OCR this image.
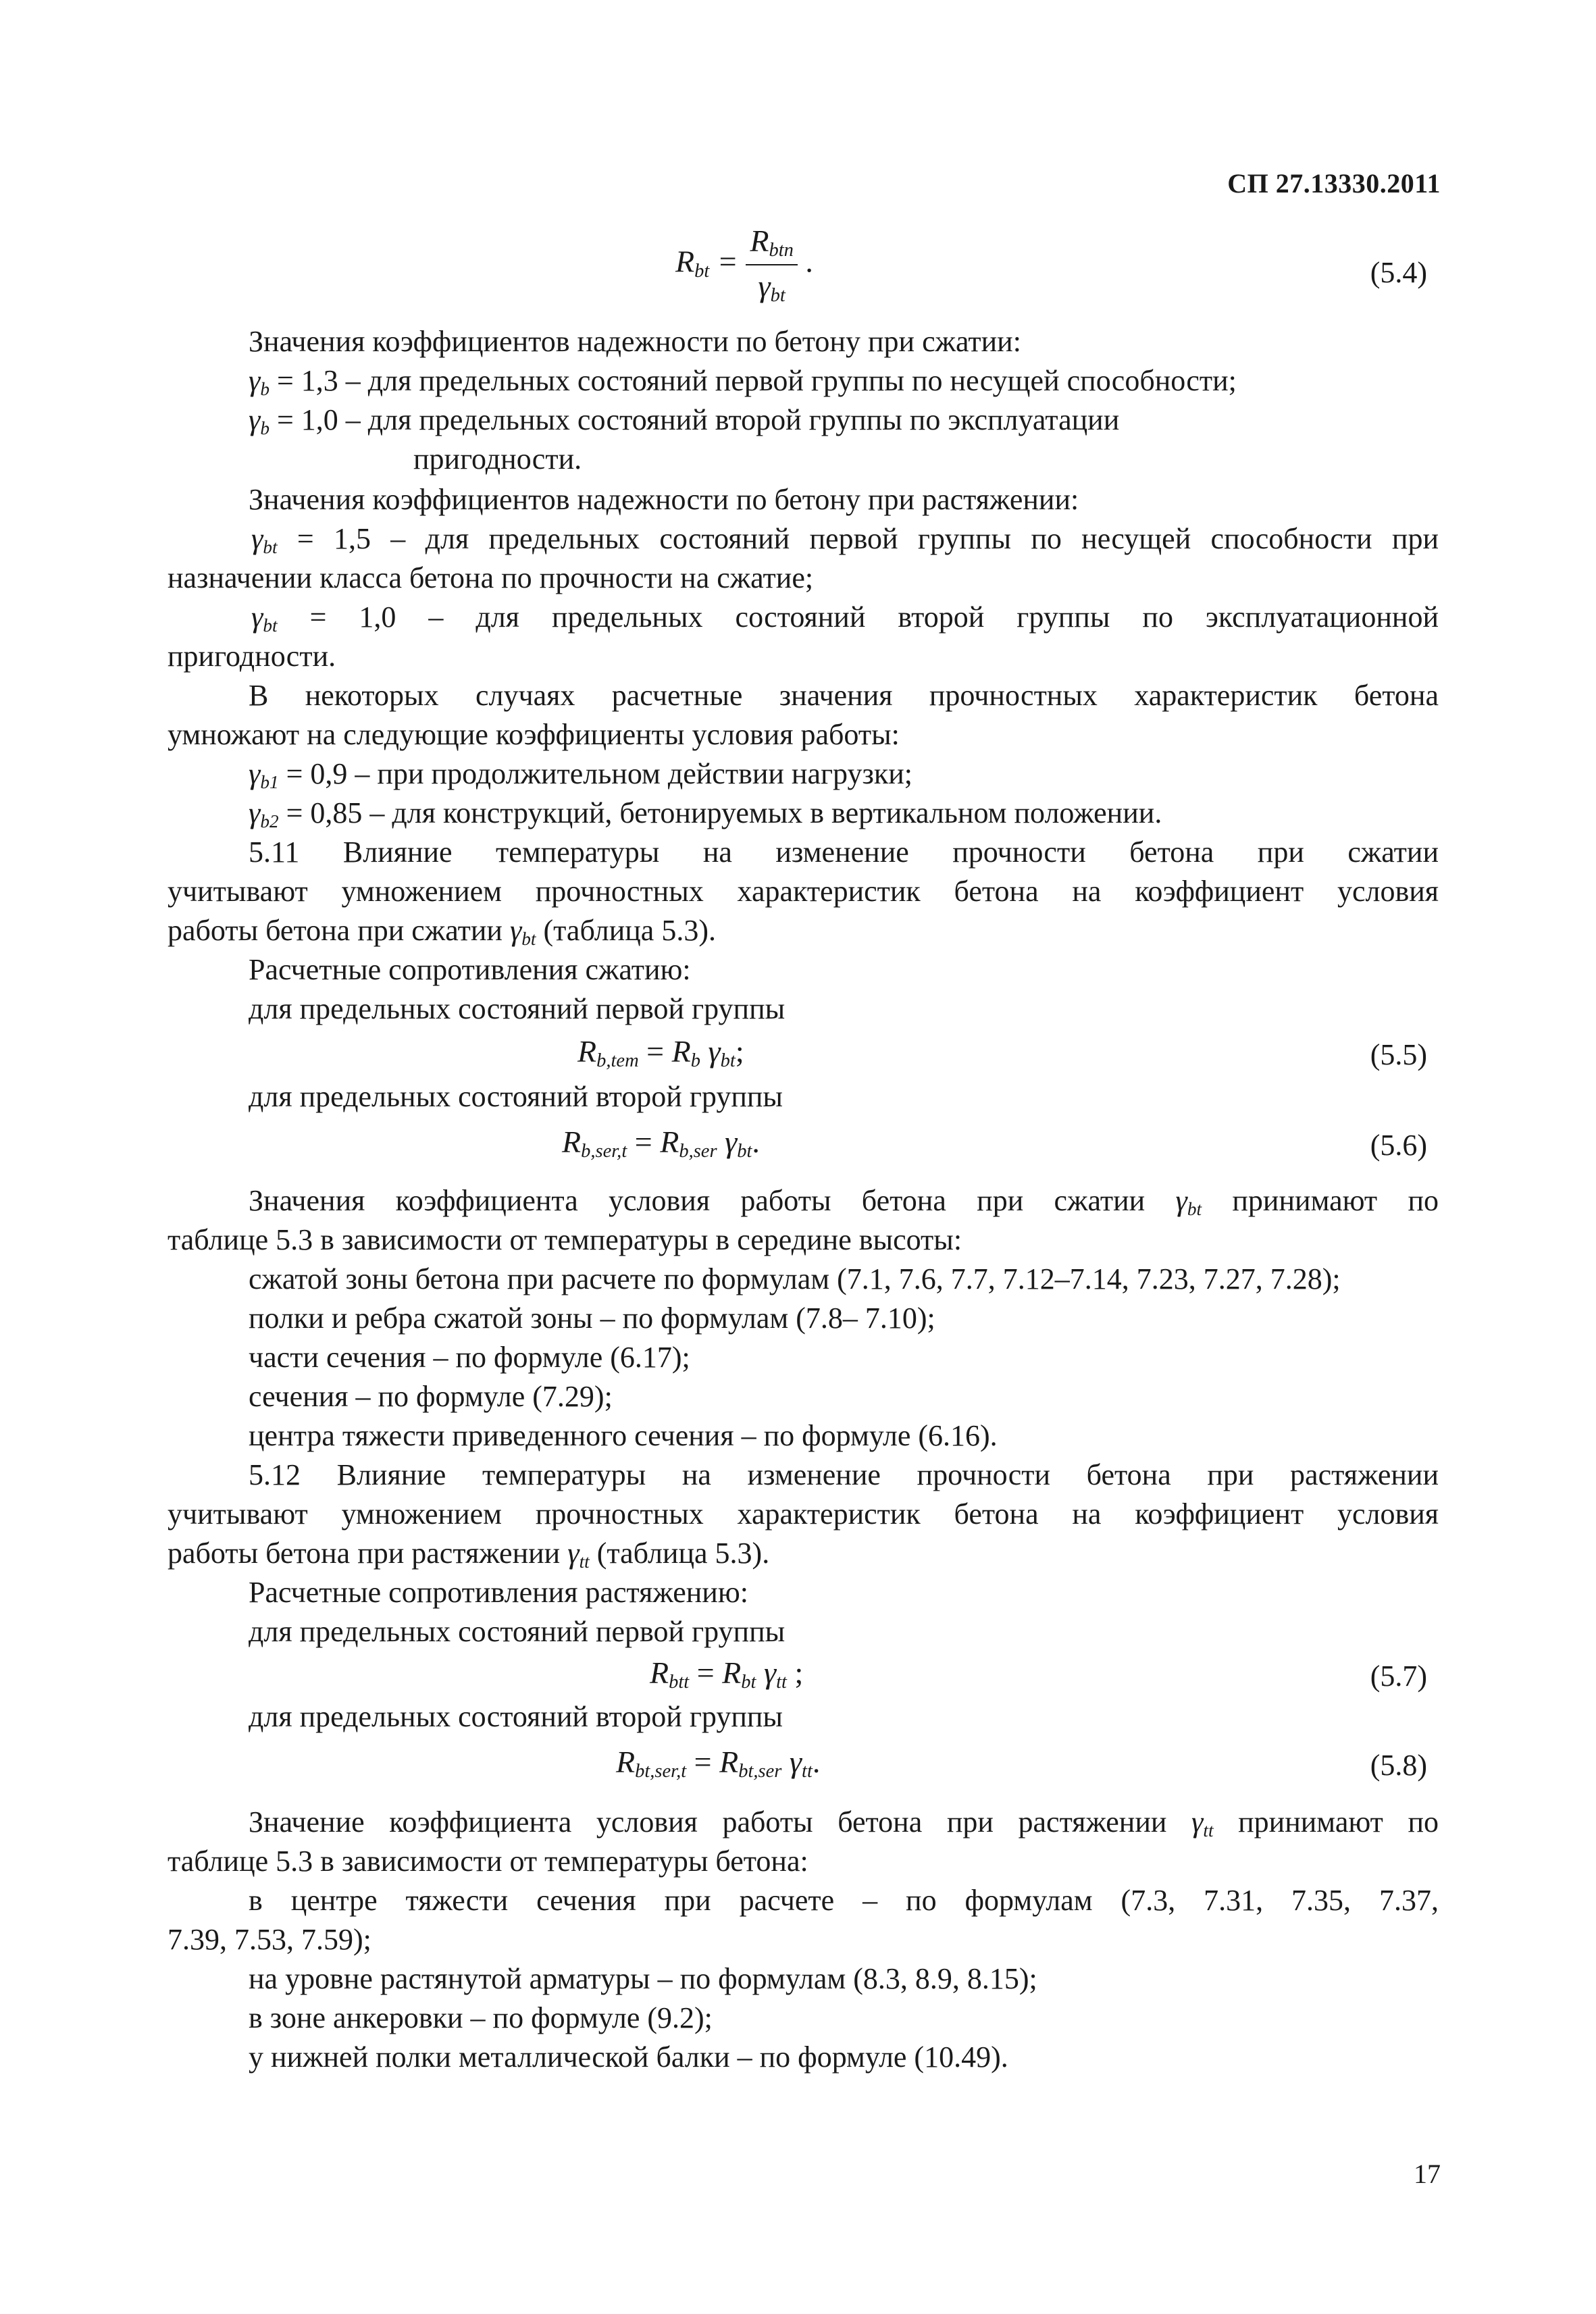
СП 27.13330.2011
$R_{bt} = \frac{R_{btn}}{\gamma_{bt}}$ .	(5.4)
Значения коэффициентов надежности по бетону при сжатии:
$\gamma_b = 1,3$ – для предельных состояний первой группы по несущей способности;
$\gamma_b = 1,0$ – для предельных состояний второй группы по эксплуатации
пригодности.
Значения коэффициентов надежности по бетону при растяжении:
$\gamma_{bt} = 1,5$ – для предельных состояний первой группы по несущей способности при
назначении класса бетона по прочности на сжатие;
$\gamma_{bt} = 1,0$ – для предельных состояний второй группы по эксплуатационной
пригодности.
В некоторых случаях расчетные значения прочностных характеристик бетона
умножают на следующие коэффициенты условия работы:
$\gamma_{b1} = 0,9$ – при продолжительном действии нагрузки;
$\gamma_{b2} = 0,85$ – для конструкций, бетонируемых в вертикальном положении.
5.11 Влияние температуры на изменение прочности бетона при сжатии
учитывают умножением прочностных характеристик бетона на коэффициент условия
работы бетона при сжатии $\gamma_{bt}$ (таблица 5.3).
Расчетные сопротивления сжатию:
для предельных состояний первой группы
$R_{b,tem} = R_b$ $\gamma_{bt}$;	(5.5)
для предельных состояний второй группы
$R_{b,ser,t} = R_{b,ser}$ $\gamma_{bt}$.	(5.6)
Значения коэффициента условия работы бетона при сжатии $\gamma_{bt}$ принимают по
таблице 5.3 в зависимости от температуры в середине высоты:
сжатой зоны бетона при расчете по формулам (7.1, 7.6, 7.7, 7.12–7.14, 7.23, 7.27, 7.28);
полки и ребра сжатой зоны – по формулам (7.8– 7.10);
части сечения – по формуле (6.17);
сечения – по формуле (7.29);
центра тяжести приведенного сечения – по формуле (6.16).
5.12 Влияние температуры на изменение прочности бетона при растяжении
учитывают умножением прочностных характеристик бетона на коэффициент условия
работы бетона при растяжении $\gamma_{tt}$ (таблица 5.3).
Расчетные сопротивления растяжению:
для предельных состояний первой группы
$R_{btt} = R_{bt}$ $\gamma_{tt}$ ;	(5.7)
для предельных состояний второй группы
$R_{bt,ser,t} = R_{bt,ser}$ $\gamma_{tt}$.	(5.8)
Значение коэффициента условия работы бетона при растяжении $\gamma_{tt}$ принимают по
таблице 5.3 в зависимости от температуры бетона:
в центре тяжести сечения при расчете – по формулам (7.3, 7.31, 7.35, 7.37,
7.39, 7.53, 7.59);
на уровне растянутой арматуры – по формулам (8.3, 8.9, 8.15);
в зоне анкеровки – по формуле (9.2);
у нижней полки металлической балки – по формуле (10.49).
17
